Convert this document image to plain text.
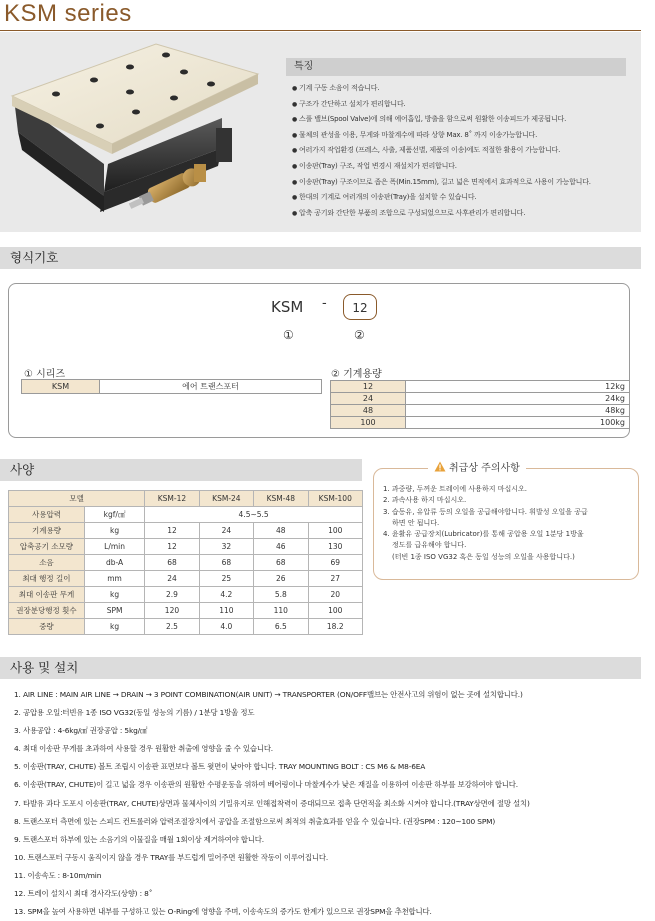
KSM series
특징
● 기계 구동 소음이 적습니다.
● 구조가 간단하고 설치가 편리합니다.
● 스풀 밸브(Spool Valve)에 의해 에어흡입, 방출을 함으로써 원활한 이송피드가 제공됩니다.
● 물체의 관성을 이용, 무게와 마찰계수에 따라 상향 Max. 8˚ 까지 이송가능합니다.
● 여러가지 작업환경 (프레스, 사출, 제품선별, 제품의 이송)에도 적절한 활용이 가능합니다.
● 이송판(Tray) 구조, 작업 변경시 재설치가 편리합니다.
● 이송판(Tray) 구조이므로 좁은 폭(Min.15mm), 길고 넓은 면적에서 효과적으로 사용이 가능합니다.
● 한대의 기계로 여러개의 이송판(Tray)을 설치할 수 있습니다.
● 압축 공기와 간단한 부품의 조합으로 구성되었으므로 사후관리가 편리합니다.
형식기호
KSM -	12
①	②
① 시리즈
KSM	에어 트랜스포터
② 기계용량
12	12kg
24	24kg
48	48kg
100	100kg
사양
모델		KSM-12	KSM-24	KSM-48	KSM-100
사용압력	kgf/㎠	4.5~5.5			
기계용량	kg	12	24	48	100
압축공기 소모량	L/min	12	32	46	130
소음	db-A	68	68	68	69
최대 행정 길이	mm	24	25	26	27
최대 이송판 무게	kg	2.9	4.2	5.8	20
권장분당행정 횟수	SPM	120	110	110	100
중량	kg	2.5	4.0	6.5	18.2
취급상 주의사항
1. 과중량, 두꺼운 트레이에 사용하지 마십시오.
2. 과속사용 하지 마십시오.
3. 습동유, 유압류 등의 오일을 공급해야합니다. 휘발성 오일을 공급
하면 안 됩니다.
4. 윤활유 공급장치(Lubricator)를 통해 공압용 오일 1분당 1방울
정도를 급유해야 합니다.
(터빈 1종 ISO VG32 혹은 동일 성능의 오일을 사용합니다.)
사용 및 설치
1. AIR LINE : MAIN AIR LINE → DRAIN → 3 POINT COMBINATION(AIR UNIT) → TRANSPORTER (ON/OFF밸브는 안전사고의 위험이 없는 곳에 설치합니다.)
2. 공압용 오일:터빈유 1종 ISO VG32(동일 성능의 기름) / 1분당 1방울 정도
3. 사용공압 : 4-6kg/㎠ 권장공압 : 5kg/㎠
4. 최대 이송판 무게를 초과하여 사용할 경우 원활한 취출에 영향을 줄 수 있습니다.
5. 이송판(TRAY, CHUTE) 볼트 조립시 이송판 표면보다 볼트 윗면이 낮아야 합니다. TRAY MOUNTING BOLT : CS M6 & M8-6EA
6. 이송판(TRAY, CHUTE)이 길고 넓을 경우 이송판의 원활한 수평운동을 위하여 베어링이나 마찰계수가 낮은 재질을 이용하여 이송판 하부를 보강하여야 합니다.
7. 타발유 과다 도포시 이송판(TRAY, CHUTE)상면과 물체사이의 기밀유지로 인해접착력이 증대되므로 접촉 단면적을 최소화 시켜야 합니다.(TRAY상면에 절망 설치)
8. 트랜스포터 측면에 있는 스피드 컨트롤러와 압력조절장치에서 공압을 조절함으로써 최적의 취출효과를 얻을 수 있습니다. (권장SPM : 120~100 SPM)
9. 트랜스포터 하부에 있는 소음기의 이물질을 매월 1회이상 제거하여야 합니다.
10. 트랜스포터 구동시 움직이지 않을 경우 TRAY를 부드럽게 밀어주면 원활한 작동이 이루어집니다.
11. 이송속도 : 8-10m/min
12. 트레이 설치시 최대 경사각도(상향) : 8˚
13. SPM을 높여 사용하면 내부를 구성하고 있는 O-Ring에 영향을 주며, 이송속도의 증가도 한계가 있으므로 권장SPM을 추천합니다.
